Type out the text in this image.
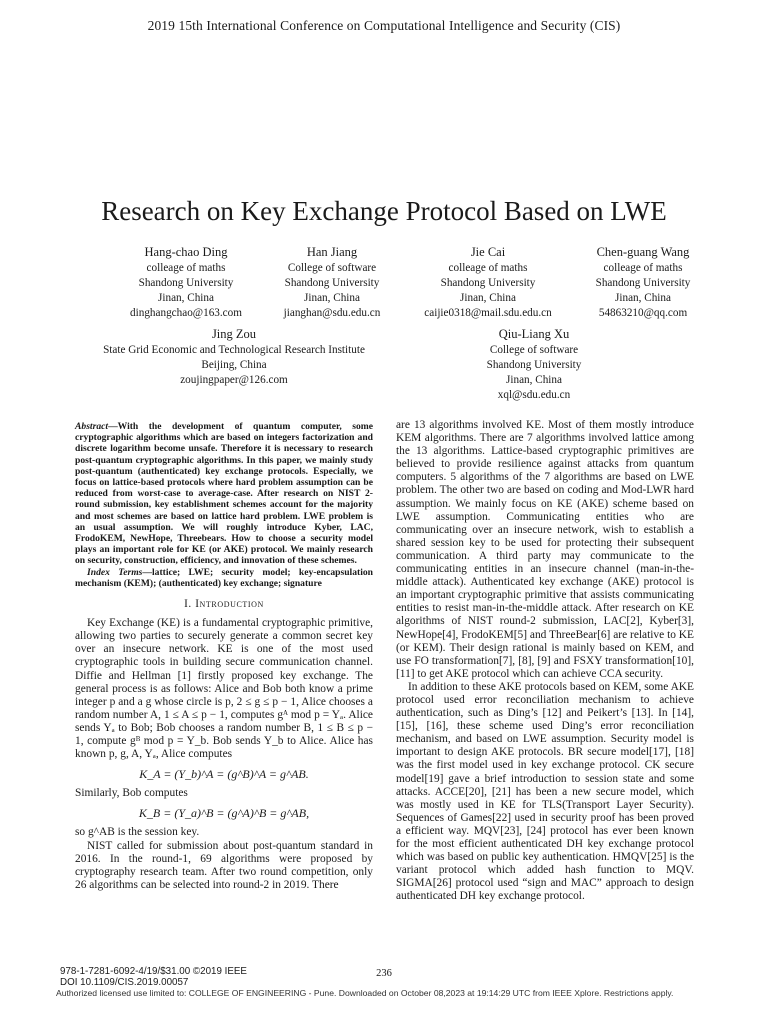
2019 15th International Conference on Computational Intelligence and Security (CIS)
Research on Key Exchange Protocol Based on LWE
Hang-chao Ding
colleage of maths
Shandong University
Jinan, China
dinghangchao@163.com
Han Jiang
College of software
Shandong University
Jinan, China
jianghan@sdu.edu.cn
Jie Cai
colleage of maths
Shandong University
Jinan, China
caijie0318@mail.sdu.edu.cn
Chen-guang Wang
colleage of maths
Shandong University
Jinan, China
54863210@qq.com
Jing Zou
State Grid Economic and Technological Research Institute
Beijing, China
zoujingpaper@126.com
Qiu-Liang Xu
College of software
Shandong University
Jinan, China
xql@sdu.edu.cn

Abstract—With the development of quantum computer, some cryptographic algorithms which are based on integers factorization and discrete logarithm become unsafe. Therefore it is necessary to research post-quantum cryptographic algorithms. In this paper, we mainly study post-quantum (authenticated) key exchange protocols. Especially, we focus on lattice-based protocols where hard problem assumption can be reduced from worst-case to average-case. After research on NIST 2-round submission, key establishment schemes account for the majority and most schemes are based on lattice hard problem. LWE problem is an usual assumption. We will roughly introduce Kyber, LAC, FrodoKEM, NewHope, Threebears. How to choose a security model plays an important role for KE (or AKE) protocol. We mainly research on security, construction, efficiency, and innovation of these schemes.

Index Terms—lattice; LWE; security model; key-encapsulation mechanism (KEM); (authenticated) key exchange; signature

I. Introduction

Key Exchange (KE) is a fundamental cryptographic primitive, allowing two parties to securely generate a common secret key over an insecure network. KE is one of the most used cryptographic tools in building secure communication channel. Diffie and Hellman [1] firstly proposed key exchange. The general process is as follows: Alice and Bob both know a prime integer p and a g whose circle is p, 2 ≤ g ≤ p − 1, Alice chooses a random number A, 1 ≤ A ≤ p − 1, computes gᴬ mod p = Yₐ. Alice sends Yₐ to Bob; Bob chooses a random number B, 1 ≤ B ≤ p − 1, compute gᴮ mod p = Y_b. Bob sends Y_b to Alice. Alice has known p, g, A, Yₐ, Alice computes

K_A = (Y_b)^A = (g^B)^A = g^AB.

Similarly, Bob computes

K_B = (Y_a)^B = (g^A)^B = g^AB,

so g^AB is the session key.

NIST called for submission about post-quantum standard in 2016. In the round-1, 69 algorithms were proposed by cryptography research team. After two round competition, only 26 algorithms can be selected into round-2 in 2019. There

are 13 algorithms involved KE. Most of them mostly introduce KEM algorithms. There are 7 algorithms involved lattice among the 13 algorithms. Lattice-based cryptographic primitives are believed to provide resilience against attacks from quantum computers. 5 algorithms of the 7 algorithms are based on LWE problem. The other two are based on coding and Mod-LWR hard assumption. We mainly focus on KE (AKE) scheme based on LWE assumption. Communicating entities who are communicating over an insecure network, wish to establish a shared session key to be used for protecting their subsequent communication. A third party may communicate to the communicating entities in an insecure channel (man-in-the-middle attack). Authenticated key exchange (AKE) protocol is an important cryptographic primitive that assists communicating entities to resist man-in-the-middle attack. After research on KE algorithms of NIST round-2 submission, LAC[2], Kyber[3], NewHope[4], FrodoKEM[5] and ThreeBear[6] are relative to KE (or KEM). Their design rational is mainly based on KEM, and use FO transformation[7], [8], [9] and FSXY transformation[10], [11] to get AKE protocol which can achieve CCA security.

In addition to these AKE protocols based on KEM, some AKE protocol used error reconciliation mechanism to achieve authentication, such as Ding’s [12] and Peikert’s [13]. In [14], [15], [16], these scheme used Ding’s error reconciliation mechanism, and based on LWE assumption. Security model is important to design AKE protocols. BR secure model[17], [18] was the first model used in key exchange protocol. CK secure model[19] gave a brief introduction to session state and some attacks. ACCE[20], [21] has been a new secure model, which was mostly used in KE for TLS(Transport Layer Security). Sequences of Games[22] used in security proof has been proved a efficient way. MQV[23], [24] protocol has ever been known for the most efficient authenticated DH key exchange protocol which was based on public key authentication. HMQV[25] is the variant protocol which added hash function to MQV. SIGMA[26] protocol used “sign and MAC” approach to design authenticated DH key exchange protocol.

978-1-7281-6092-4/19/$31.00 ©2019 IEEE
DOI 10.1109/CIS.2019.00057
236
Authorized licensed use limited to: COLLEGE OF ENGINEERING - Pune. Downloaded on October 08,2023 at 19:14:29 UTC from IEEE Xplore. Restrictions apply.
